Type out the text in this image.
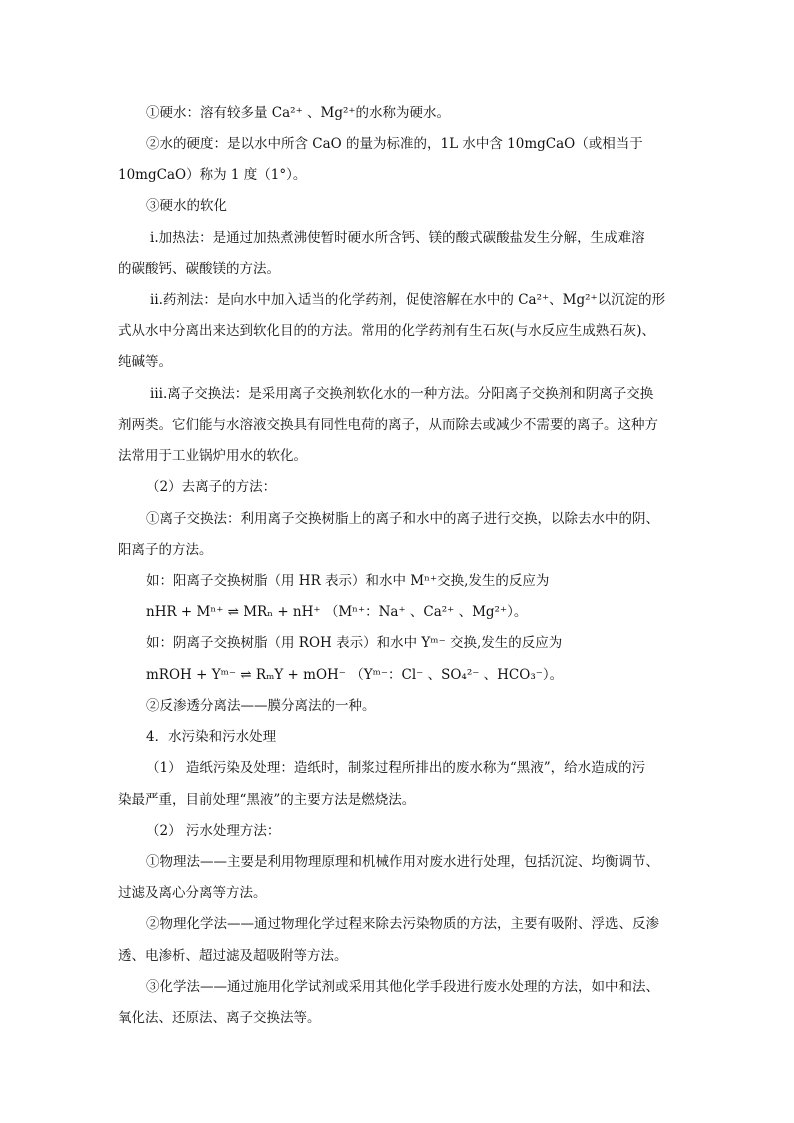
①硬水：溶有较多量 Ca²⁺ 、Mg²⁺的水称为硬水。
②水的硬度：是以水中所含 CaO 的量为标准的，1L 水中含 10mgCaO（或相当于
10mgCaO）称为 1 度（1°）。
③硬水的软化
ⅰ.加热法：是通过加热煮沸使暂时硬水所含钙、镁的酸式碳酸盐发生分解，生成难溶
的碳酸钙、碳酸镁的方法。
ⅱ.药剂法：是向水中加入适当的化学药剂，促使溶解在水中的 Ca²⁺、Mg²⁺以沉淀的形
式从水中分离出来达到软化目的的方法。常用的化学药剂有生石灰(与水反应生成熟石灰)、
纯碱等。
ⅲ.离子交换法：是采用离子交换剂软化水的一种方法。分阳离子交换剂和阴离子交换
剂两类。它们能与水溶液交换具有同性电荷的离子，从而除去或减少不需要的离子。这种方
法常用于工业锅炉用水的软化。
（2）去离子的方法：
①离子交换法：利用离子交换树脂上的离子和水中的离子进行交换，以除去水中的阴、
阳离子的方法。
如：阳离子交换树脂（用 HR 表示）和水中 Mⁿ⁺交换,发生的反应为
nHR + Mⁿ⁺ ⇌ MRₙ + nH⁺ （Mⁿ⁺：Na⁺ 、Ca²⁺ 、Mg²⁺）。
如：阴离子交换树脂（用 ROH 表示）和水中 Yᵐ⁻ 交换,发生的反应为
mROH + Yᵐ⁻ ⇌ RₘY + mOH⁻ （Yᵐ⁻：Cl⁻ 、SO₄²⁻ 、HCO₃⁻）。
②反渗透分离法——膜分离法的一种。
4．水污染和污水处理
（1） 造纸污染及处理：造纸时，制浆过程所排出的废水称为“黑液”，给水造成的污
染最严重，目前处理“黑液”的主要方法是燃烧法。
（2） 污水处理方法：
①物理法——主要是利用物理原理和机械作用对废水进行处理，包括沉淀、均衡调节、
过滤及离心分离等方法。
②物理化学法——通过物理化学过程来除去污染物质的方法，主要有吸附、浮选、反渗
透、电渗析、超过滤及超吸附等方法。
③化学法——通过施用化学试剂或采用其他化学手段进行废水处理的方法，如中和法、
氧化法、还原法、离子交换法等。
